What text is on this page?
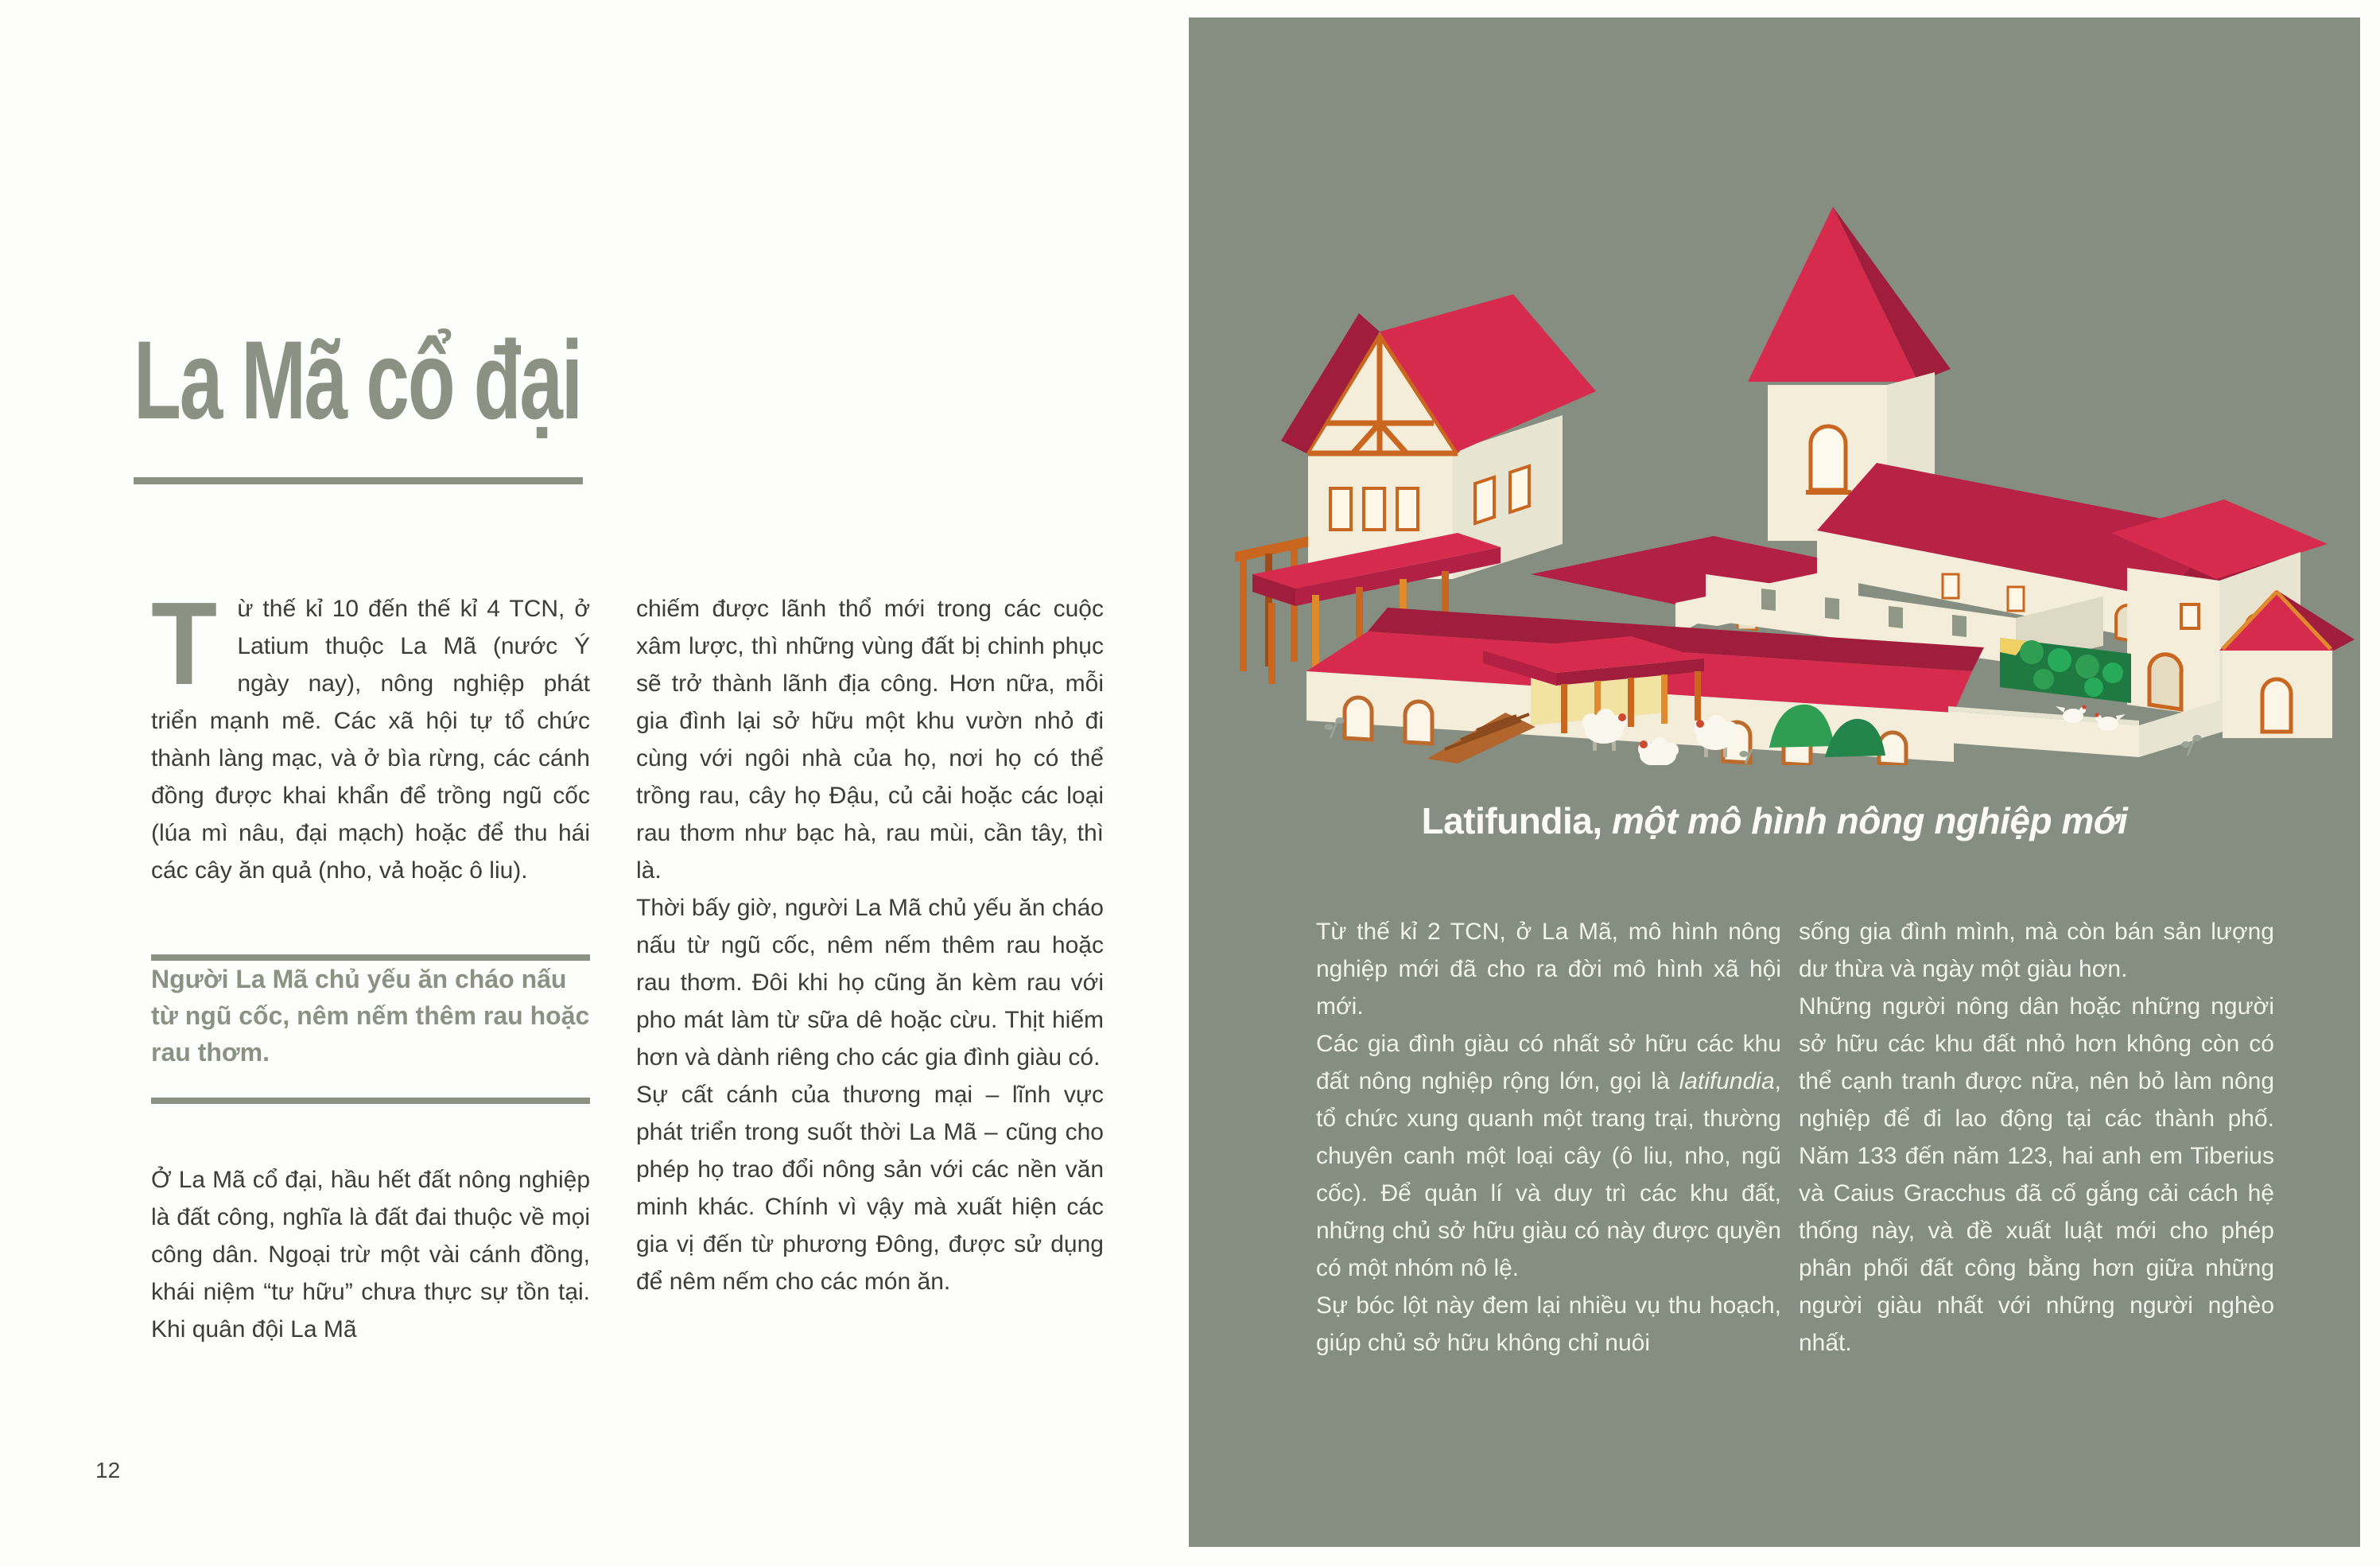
La Mã cổ đại

Từ thế kỉ 10 đến thế kỉ 4 TCN, ở Latium thuộc La Mã (nước Ý ngày nay), nông nghiệp phát triển mạnh mẽ. Các xã hội tự tổ chức thành làng mạc, và ở bìa rừng, các cánh đồng được khai khẩn để trồng ngũ cốc (lúa mì nâu, đại mạch) hoặc để thu hái các cây ăn quả (nho, vả hoặc ô liu).

Người La Mã chủ yếu ăn cháo nấu từ ngũ cốc, nêm nếm thêm rau hoặc rau thơm.

Ở La Mã cổ đại, hầu hết đất nông nghiệp là đất công, nghĩa là đất đai thuộc về mọi công dân. Ngoại trừ một vài cánh đồng, khái niệm “tư hữu” chưa thực sự tồn tại. Khi quân đội La Mã

chiếm được lãnh thổ mới trong các cuộc xâm lược, thì những vùng đất bị chinh phục sẽ trở thành lãnh địa công. Hơn nữa, mỗi gia đình lại sở hữu một khu vườn nhỏ đi cùng với ngôi nhà của họ, nơi họ có thể trồng rau, cây họ Đậu, củ cải hoặc các loại rau thơm như bạc hà, rau mùi, cần tây, thì là.

Thời bấy giờ, người La Mã chủ yếu ăn cháo nấu từ ngũ cốc, nêm nếm thêm rau hoặc rau thơm. Đôi khi họ cũng ăn kèm rau với pho mát làm từ sữa dê hoặc cừu. Thịt hiếm hơn và dành riêng cho các gia đình giàu có.

Sự cất cánh của thương mại – lĩnh vực phát triển trong suốt thời La Mã – cũng cho phép họ trao đổi nông sản với các nền văn minh khác. Chính vì vậy mà xuất hiện các gia vị đến từ phương Đông, được sử dụng để nêm nếm cho các món ăn.

12
Latifundia, một mô hình nông nghiệp mới

Từ thế kỉ 2 TCN, ở La Mã, mô hình nông nghiệp mới đã cho ra đời mô hình xã hội mới.

Các gia đình giàu có nhất sở hữu các khu đất nông nghiệp rộng lớn, gọi là latifundia, tổ chức xung quanh một trang trại, thường chuyên canh một loại cây (ô liu, nho, ngũ cốc). Để quản lí và duy trì các khu đất, những chủ sở hữu giàu có này được quyền có một nhóm nô lệ.

Sự bóc lột này đem lại nhiều vụ thu hoạch, giúp chủ sở hữu không chỉ nuôi

sống gia đình mình, mà còn bán sản lượng dư thừa và ngày một giàu hơn.

Những người nông dân hoặc những người sở hữu các khu đất nhỏ hơn không còn có thể cạnh tranh được nữa, nên bỏ làm nông nghiệp để đi lao động tại các thành phố. Năm 133 đến năm 123, hai anh em Tiberius và Caius Gracchus đã cố gắng cải cách hệ thống này, và đề xuất luật mới cho phép phân phối đất công bằng hơn giữa những người giàu nhất với những người nghèo nhất.
